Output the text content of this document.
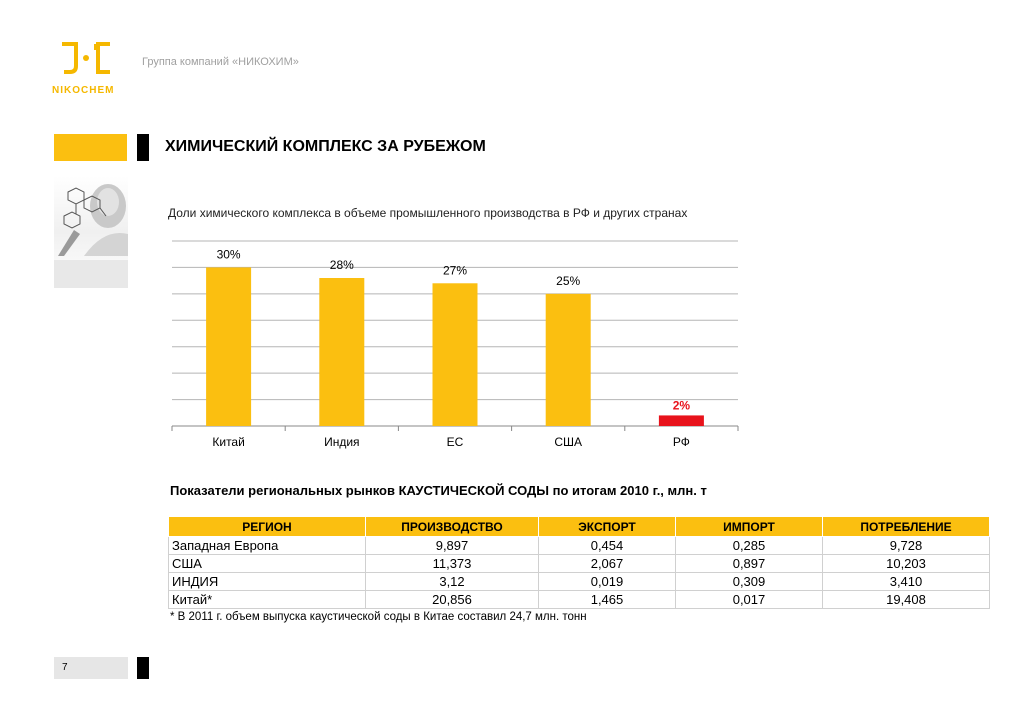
NIKOCHEM
Группа компаний «НИКОХИМ»
ХИМИЧЕСКИЙ КОМПЛЕКС ЗА РУБЕЖОМ
Доли химического комплекса в объеме промышленного производства в РФ и других странах
30%
Китай
28%
Индия
27%
ЕС
25%
США
2%
РФ
Показатели региональных рынков КАУСТИЧЕСКОЙ СОДЫ по итогам 2010 г., млн. т
РЕГИОН	ПРОИЗВОДСТВО	ЭКСПОРТ	ИМПОРТ	ПОТРЕБЛЕНИЕ
Западная Европа	9,897	0,454	0,285	9,728
США	11,373	2,067	0,897	10,203
ИНДИЯ	3,12	0,019	0,309	3,410
Китай*	20,856	1,465	0,017	19,408
* В 2011 г. объем выпуска каустической соды в Китае составил 24,7 млн. тонн
7
